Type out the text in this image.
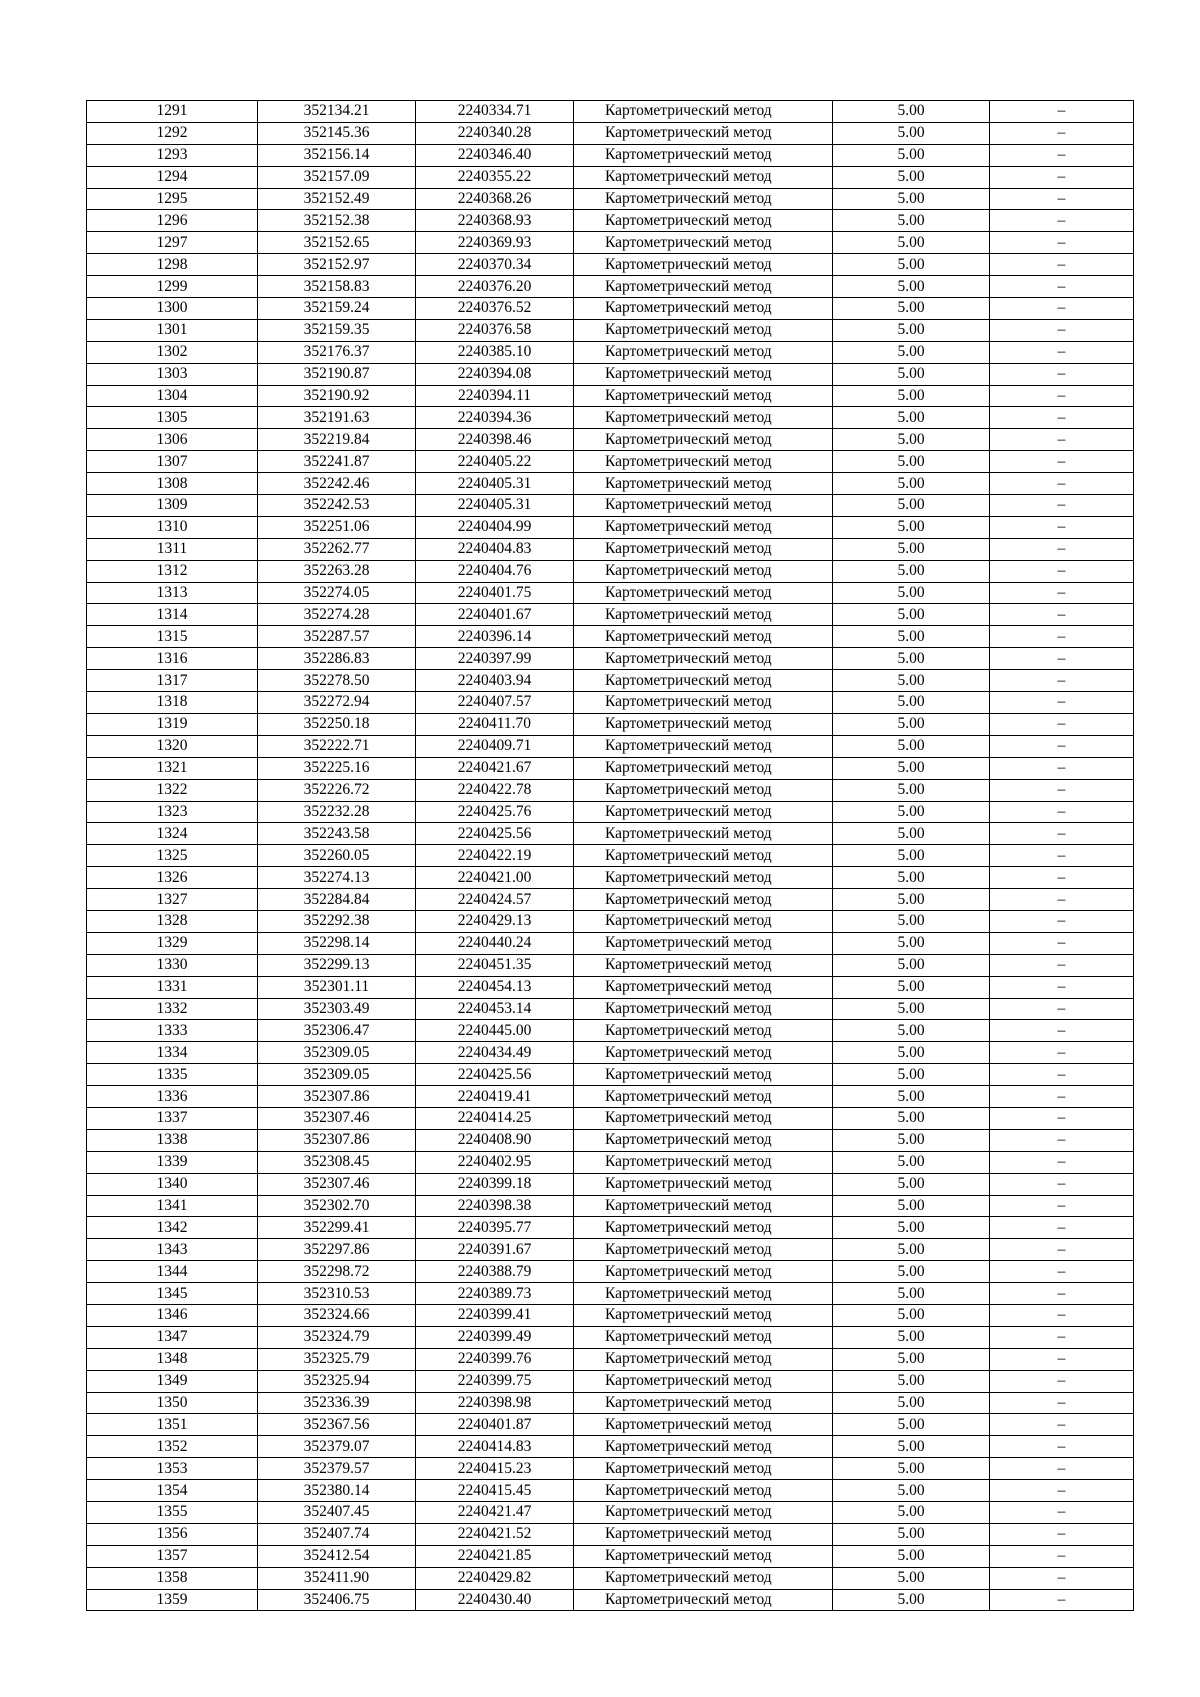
1291	352134.21	2240334.71	Картометрический метод	5.00	–
1292	352145.36	2240340.28	Картометрический метод	5.00	–
1293	352156.14	2240346.40	Картометрический метод	5.00	–
1294	352157.09	2240355.22	Картометрический метод	5.00	–
1295	352152.49	2240368.26	Картометрический метод	5.00	–
1296	352152.38	2240368.93	Картометрический метод	5.00	–
1297	352152.65	2240369.93	Картометрический метод	5.00	–
1298	352152.97	2240370.34	Картометрический метод	5.00	–
1299	352158.83	2240376.20	Картометрический метод	5.00	–
1300	352159.24	2240376.52	Картометрический метод	5.00	–
1301	352159.35	2240376.58	Картометрический метод	5.00	–
1302	352176.37	2240385.10	Картометрический метод	5.00	–
1303	352190.87	2240394.08	Картометрический метод	5.00	–
1304	352190.92	2240394.11	Картометрический метод	5.00	–
1305	352191.63	2240394.36	Картометрический метод	5.00	–
1306	352219.84	2240398.46	Картометрический метод	5.00	–
1307	352241.87	2240405.22	Картометрический метод	5.00	–
1308	352242.46	2240405.31	Картометрический метод	5.00	–
1309	352242.53	2240405.31	Картометрический метод	5.00	–
1310	352251.06	2240404.99	Картометрический метод	5.00	–
1311	352262.77	2240404.83	Картометрический метод	5.00	–
1312	352263.28	2240404.76	Картометрический метод	5.00	–
1313	352274.05	2240401.75	Картометрический метод	5.00	–
1314	352274.28	2240401.67	Картометрический метод	5.00	–
1315	352287.57	2240396.14	Картометрический метод	5.00	–
1316	352286.83	2240397.99	Картометрический метод	5.00	–
1317	352278.50	2240403.94	Картометрический метод	5.00	–
1318	352272.94	2240407.57	Картометрический метод	5.00	–
1319	352250.18	2240411.70	Картометрический метод	5.00	–
1320	352222.71	2240409.71	Картометрический метод	5.00	–
1321	352225.16	2240421.67	Картометрический метод	5.00	–
1322	352226.72	2240422.78	Картометрический метод	5.00	–
1323	352232.28	2240425.76	Картометрический метод	5.00	–
1324	352243.58	2240425.56	Картометрический метод	5.00	–
1325	352260.05	2240422.19	Картометрический метод	5.00	–
1326	352274.13	2240421.00	Картометрический метод	5.00	–
1327	352284.84	2240424.57	Картометрический метод	5.00	–
1328	352292.38	2240429.13	Картометрический метод	5.00	–
1329	352298.14	2240440.24	Картометрический метод	5.00	–
1330	352299.13	2240451.35	Картометрический метод	5.00	–
1331	352301.11	2240454.13	Картометрический метод	5.00	–
1332	352303.49	2240453.14	Картометрический метод	5.00	–
1333	352306.47	2240445.00	Картометрический метод	5.00	–
1334	352309.05	2240434.49	Картометрический метод	5.00	–
1335	352309.05	2240425.56	Картометрический метод	5.00	–
1336	352307.86	2240419.41	Картометрический метод	5.00	–
1337	352307.46	2240414.25	Картометрический метод	5.00	–
1338	352307.86	2240408.90	Картометрический метод	5.00	–
1339	352308.45	2240402.95	Картометрический метод	5.00	–
1340	352307.46	2240399.18	Картометрический метод	5.00	–
1341	352302.70	2240398.38	Картометрический метод	5.00	–
1342	352299.41	2240395.77	Картометрический метод	5.00	–
1343	352297.86	2240391.67	Картометрический метод	5.00	–
1344	352298.72	2240388.79	Картометрический метод	5.00	–
1345	352310.53	2240389.73	Картометрический метод	5.00	–
1346	352324.66	2240399.41	Картометрический метод	5.00	–
1347	352324.79	2240399.49	Картометрический метод	5.00	–
1348	352325.79	2240399.76	Картометрический метод	5.00	–
1349	352325.94	2240399.75	Картометрический метод	5.00	–
1350	352336.39	2240398.98	Картометрический метод	5.00	–
1351	352367.56	2240401.87	Картометрический метод	5.00	–
1352	352379.07	2240414.83	Картометрический метод	5.00	–
1353	352379.57	2240415.23	Картометрический метод	5.00	–
1354	352380.14	2240415.45	Картометрический метод	5.00	–
1355	352407.45	2240421.47	Картометрический метод	5.00	–
1356	352407.74	2240421.52	Картометрический метод	5.00	–
1357	352412.54	2240421.85	Картометрический метод	5.00	–
1358	352411.90	2240429.82	Картометрический метод	5.00	–
1359	352406.75	2240430.40	Картометрический метод	5.00	–
